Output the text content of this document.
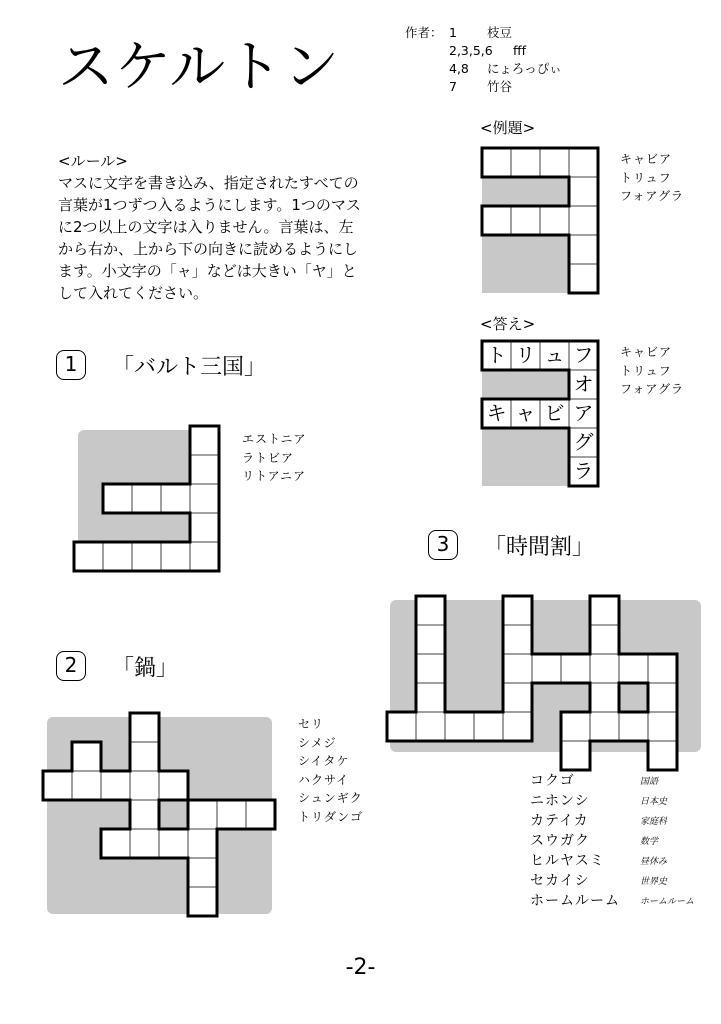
スケルトン
作者： 1	枝豆
2,3,5,6	fff
4,8	にょろっぴぃ
7	竹谷
<ルール>
マスに文字を書き込み、指定されたすべての
言葉が1つずつ入るようにします。1つのマス
に2つ以上の文字は入りません。言葉は、左
から右か、上から下の向きに読めるようにし
ます。小文字の「ャ」などは大きい「ヤ」と
して入れてください。
<例題>
キャビア
トリュフ
フォアグラ
<答え>
ト リ ュ フ
オ
キ ャ ビ ア
グ
ラ
キャビア
トリュフ
フォアグラ
1	「バルト三国」
エストニア
ラトビア
リトアニア
2	「鍋」
セリ
シメジ
シイタケ
ハクサイ
シュンギク
トリダンゴ
3	「時間割」
コクゴ	国語
ニホンシ	日本史
カテイカ	家庭科
スウガク	数学
ヒルヤスミ	昼休み
セカイシ	世界史
ホームルーム	ホームルーム
-2-
